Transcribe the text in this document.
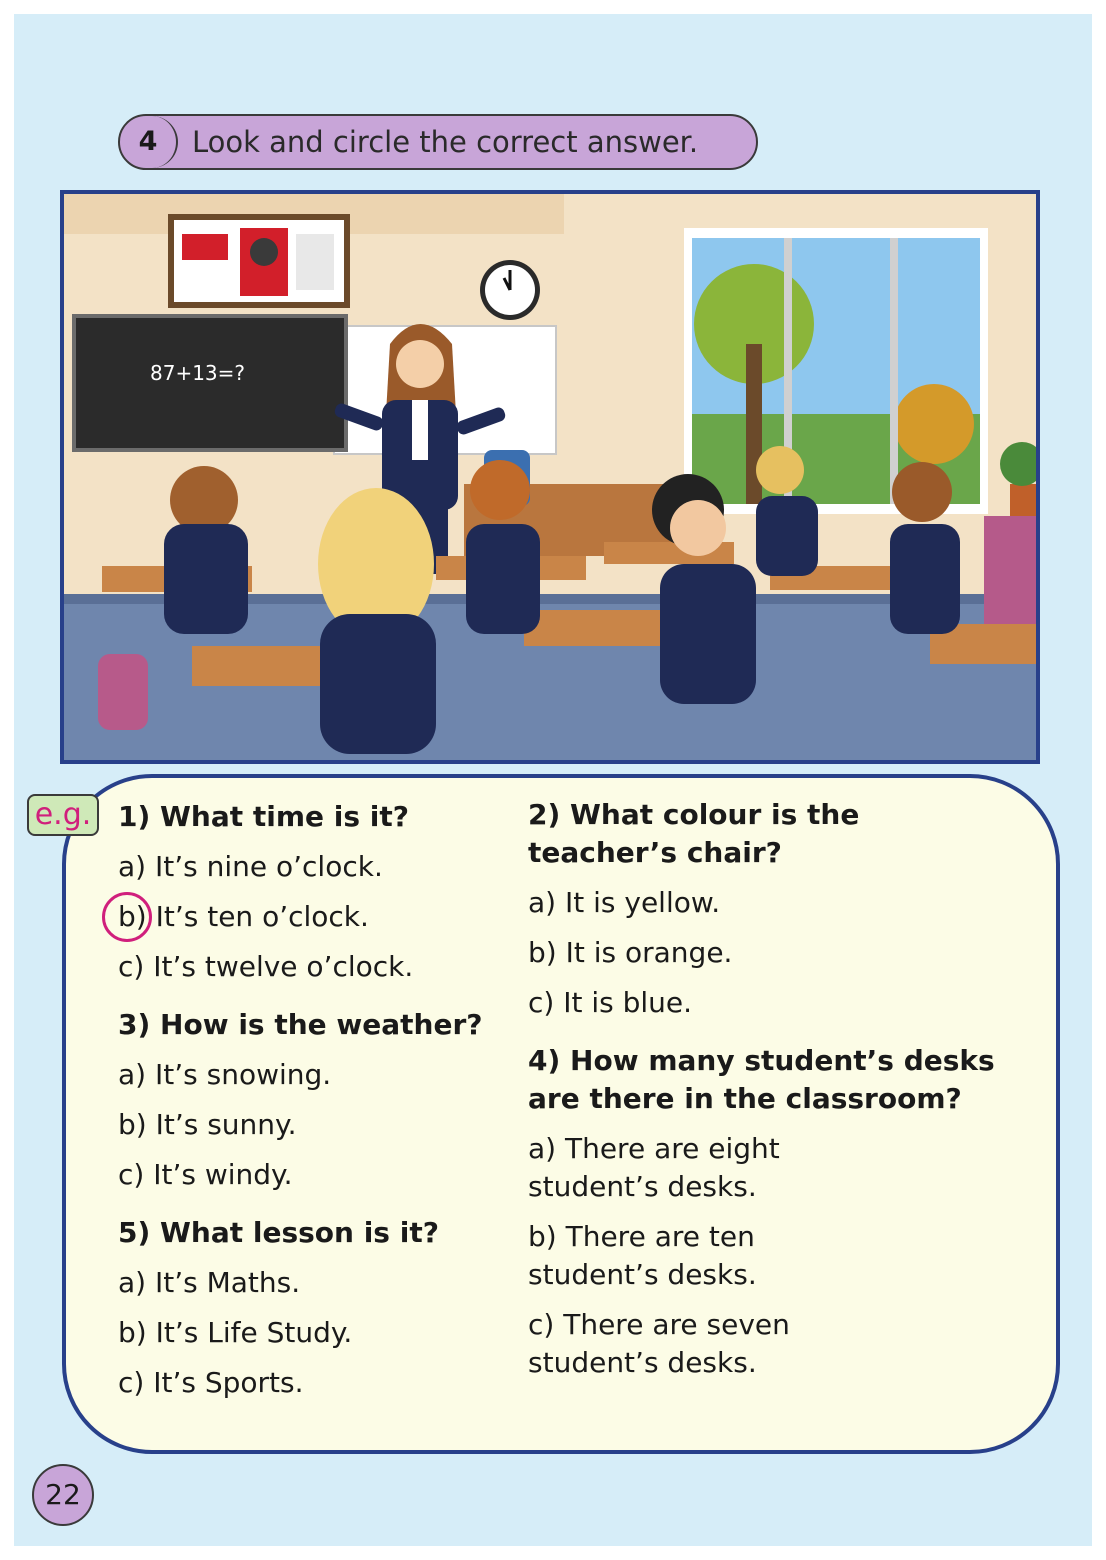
4	Look and circle the correct answer.
87+13=?
e.g. 1) What time is it?
a) It’s nine o’clock.
b) It’s ten o’clock.
c) It’s twelve o’clock.
3) How is the weather?
a) It’s snowing.
b) It’s sunny.
c) It’s windy.
5) What lesson is it?
a) It’s Maths.
b) It’s Life Study.
c) It’s Sports.
2) What colour is the
teacher’s chair?
a) It is yellow.
b) It is orange.
c) It is blue.
4) How many student’s desks
are there in the classroom?
a) There are eight
student’s desks.
b) There are ten
student’s desks.
c) There are seven
student’s desks.
22
